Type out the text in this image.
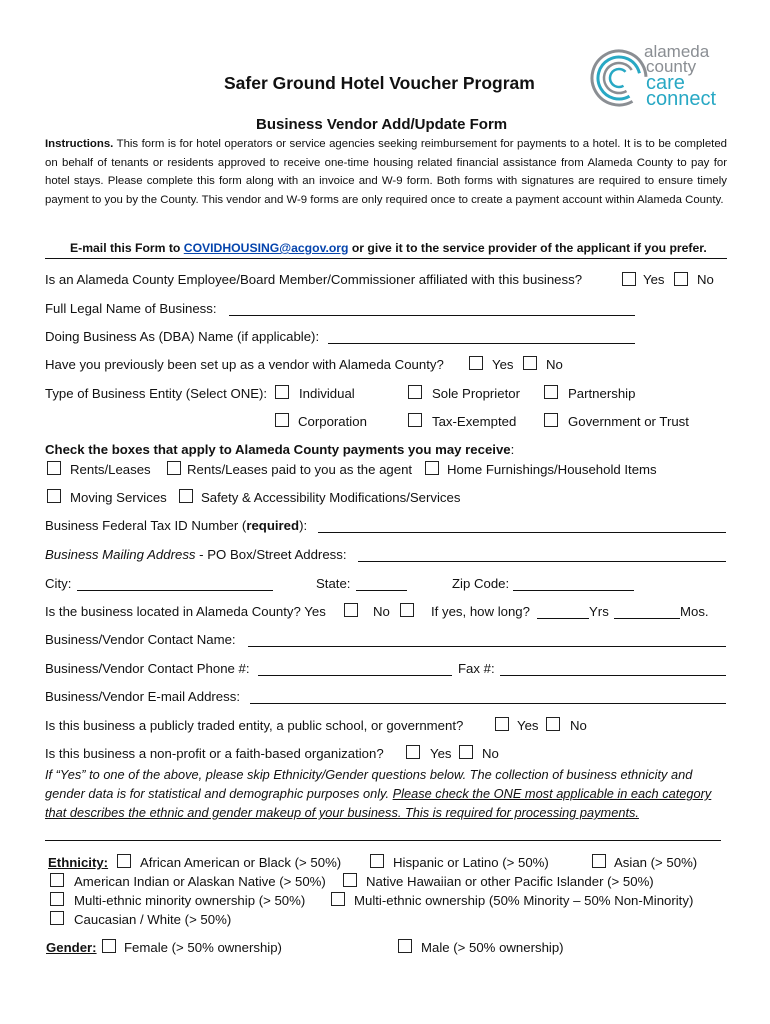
alameda
county
care
connect
Safer Ground Hotel Voucher Program
Business Vendor Add/Update Form
Instructions. This form is for hotel operators or service agencies seeking reimbursement for payments to a hotel. It is to be completed on behalf of tenants or residents approved to receive one-time housing related financial assistance from Alameda County to pay for hotel stays. Please complete this form along with an invoice and W-9 form. Both forms with signatures are required to ensure timely payment to you by the County. This vendor and W-9 forms are only required once to create a payment account within Alameda County.
E-mail this Form to COVIDHOUSING@acgov.org or give it to the service provider of the applicant if you prefer.
Is an Alameda County Employee/Board Member/Commissioner affiliated with this business?	Yes No
Full Legal Name of Business:
Doing Business As (DBA) Name (if applicable):
Have you previously been set up as a vendor with Alameda County?	Yes No
Type of Business Entity (Select ONE): Individual	Sole Proprietor	Partnership
Corporation	Tax-Exempted	Government or Trust
Check the boxes that apply to Alameda County payments you may receive:
Rents/Leases	Rents/Leases paid to you as the agent	Home Furnishings/Household Items
Moving Services	Safety & Accessibility Modifications/Services
Business Federal Tax ID Number (required):
Business Mailing Address - PO Box/Street Address:
City:	State:	Zip Code:
Is the business located in Alameda County? Yes	No	If yes, how long?	Yrs	Mos.
Business/Vendor Contact Name:
Business/Vendor Contact Phone #:	Fax #:
Business/Vendor E-mail Address:
Is this business a publicly traded entity, a public school, or government?	Yes No
Is this business a non-profit or a faith-based organization?	Yes No
If “Yes” to one of the above, please skip Ethnicity/Gender questions below. The collection of business ethnicity and gender data is for statistical and demographic purposes only. Please check the ONE most applicable in each category that describes the ethnic and gender makeup of your business. This is required for processing payments.
Ethnicity: African American or Black (> 50%)	Hispanic or Latino (> 50%)	Asian (> 50%)
American Indian or Alaskan Native (> 50%)	Native Hawaiian or other Pacific Islander (> 50%)
Multi-ethnic minority ownership (> 50%)	Multi-ethnic ownership (50% Minority – 50% Non-Minority)
Caucasian / White (> 50%)
Gender: Female (> 50% ownership)	Male (> 50% ownership)
